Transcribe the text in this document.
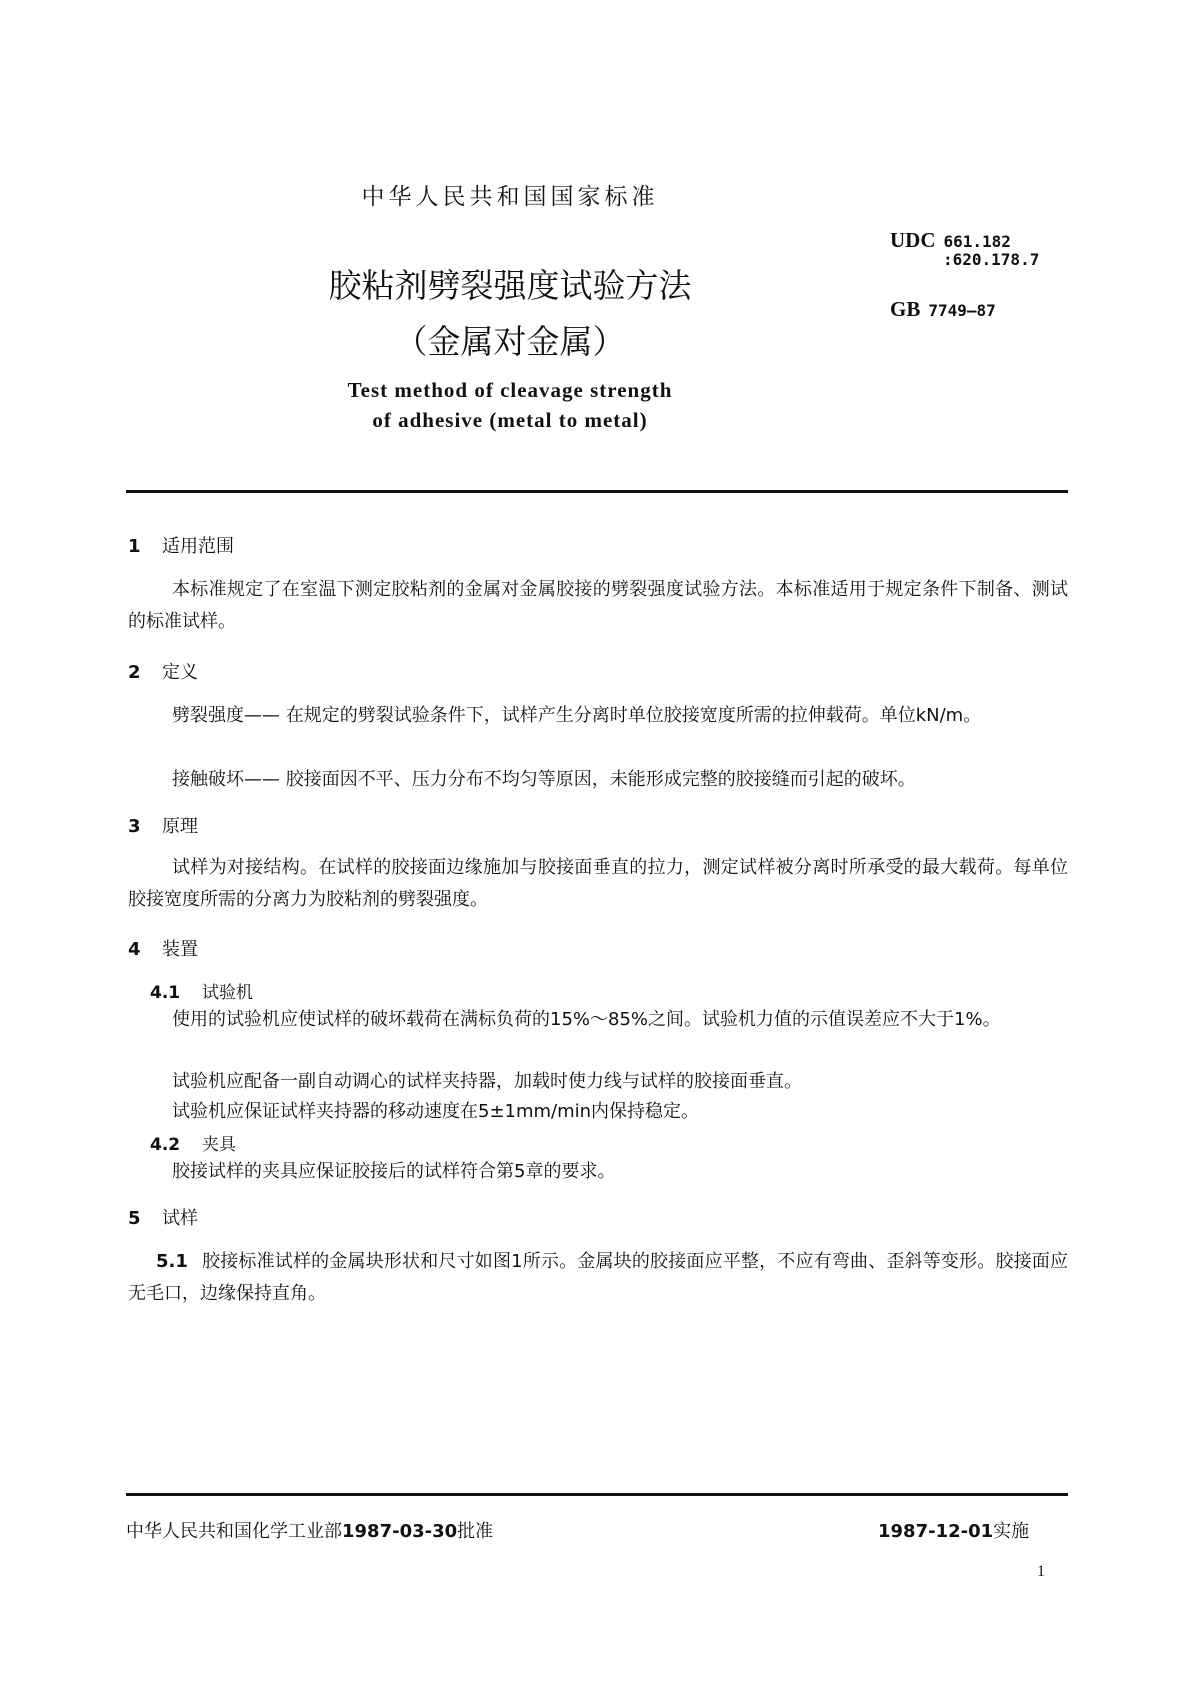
中华人民共和国国家标准
UDC 661.182
:620.178.7
GB 7749—87
胶粘剂劈裂强度试验方法
（金属对金属）
Test method of cleavage strength
of adhesive (metal to metal)
1 适用范围
本标准规定了在室温下测定胶粘剂的金属对金属胶接的劈裂强度试验方法。本标准适用于规定条件下制备、测试的标准试样。
2 定义
劈裂强度—— 在规定的劈裂试验条件下，试样产生分离时单位胶接宽度所需的拉伸载荷。单位kN/m。
接触破坏—— 胶接面因不平、压力分布不均匀等原因，未能形成完整的胶接缝而引起的破坏。
3 原理
试样为对接结构。在试样的胶接面边缘施加与胶接面垂直的拉力，测定试样被分离时所承受的最大载荷。每单位胶接宽度所需的分离力为胶粘剂的劈裂强度。
4 装置
4.1 试验机
使用的试验机应使试样的破坏载荷在满标负荷的15%～85%之间。试验机力值的示值误差应不大于1%。
试验机应配备一副自动调心的试样夹持器，加载时使力线与试样的胶接面垂直。
试验机应保证试样夹持器的移动速度在5±1mm/min内保持稳定。
4.2 夹具
胶接试样的夹具应保证胶接后的试样符合第5章的要求。
5 试样
5.1 胶接标准试样的金属块形状和尺寸如图1所示。金属块的胶接面应平整，不应有弯曲、歪斜等变形。胶接面应无毛口，边缘保持直角。
中华人民共和国化学工业部1987-03-30批准	1987-12-01实施
1
